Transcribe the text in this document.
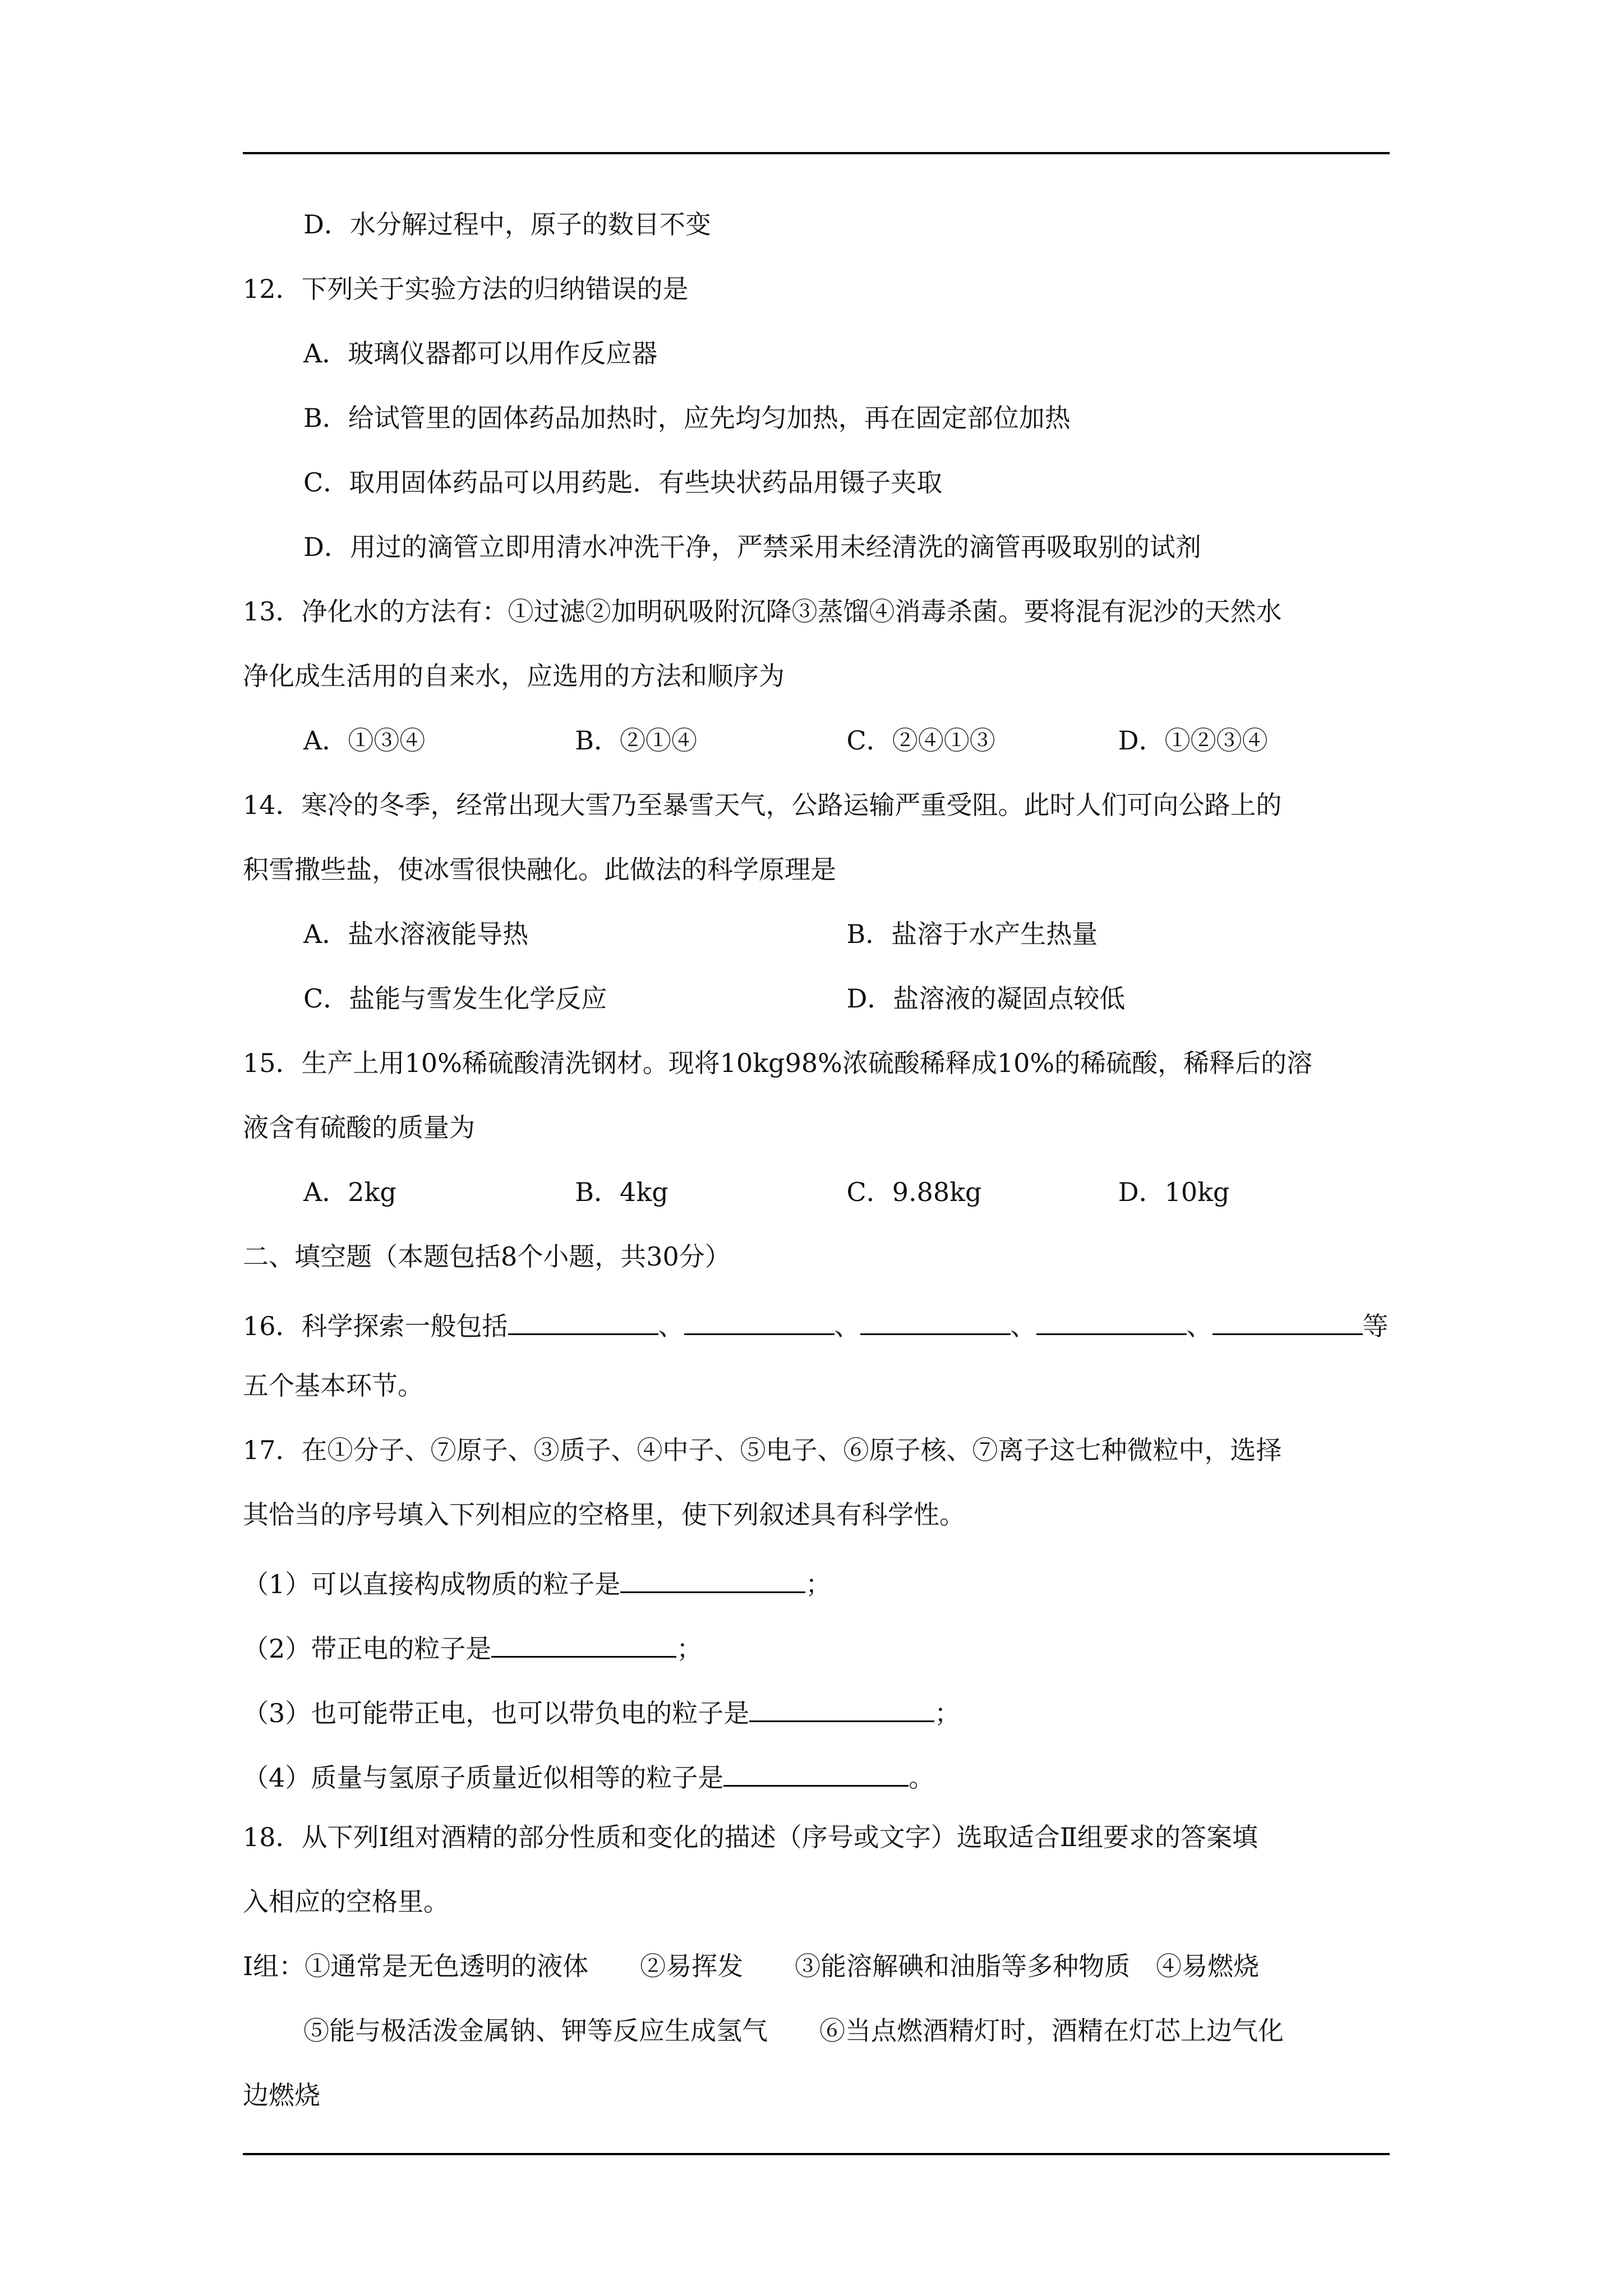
D．水分解过程中，原子的数目不变
12．下列关于实验方法的归纳错误的是
A．玻璃仪器都可以用作反应器
B．给试管里的固体药品加热时，应先均匀加热，再在固定部位加热
C．取用固体药品可以用药匙．有些块状药品用镊子夹取
D．用过的滴管立即用清水冲洗干净，严禁采用未经清洗的滴管再吸取别的试剂
13．净化水的方法有：①过滤②加明矾吸附沉降③蒸馏④消毒杀菌。要将混有泥沙的天然水
净化成生活用的自来水，应选用的方法和顺序为
A．①③④	B．②①④	C．②④①③	D．①②③④
14．寒冷的冬季，经常出现大雪乃至暴雪天气，公路运输严重受阻。此时人们可向公路上的
积雪撒些盐，使冰雪很快融化。此做法的科学原理是
A．盐水溶液能导热	B．盐溶于水产生热量
C．盐能与雪发生化学反应	D．盐溶液的凝固点较低
15．生产上用10%稀硫酸清洗钢材。现将10kg98%浓硫酸稀释成10%的稀硫酸，稀释后的溶
液含有硫酸的质量为
A．2kg	B．4kg	C．9.88kg	D．10kg
二、填空题（本题包括8个小题，共30分）
16．科学探索一般包括	、	、	、	、	等
五个基本环节。
17．在①分子、⑦原子、③质子、④中子、⑤电子、⑥原子核、⑦离子这七种微粒中，选择
其恰当的序号填入下列相应的空格里，使下列叙述具有科学性。
（1）可以直接构成物质的粒子是	；
（2）带正电的粒子是	；
（3）也可能带正电，也可以带负电的粒子是	；
（4）质量与氢原子质量近似相等的粒子是	。
18．从下列Ⅰ组对酒精的部分性质和变化的描述（序号或文字）选取适合Ⅱ组要求的答案填
入相应的空格里。
Ⅰ组：①通常是无色透明的液体　　②易挥发　　③能溶解碘和油脂等多种物质　④易燃烧
⑤能与极活泼金属钠、钾等反应生成氢气　　⑥当点燃酒精灯时，酒精在灯芯上边气化
边燃烧
